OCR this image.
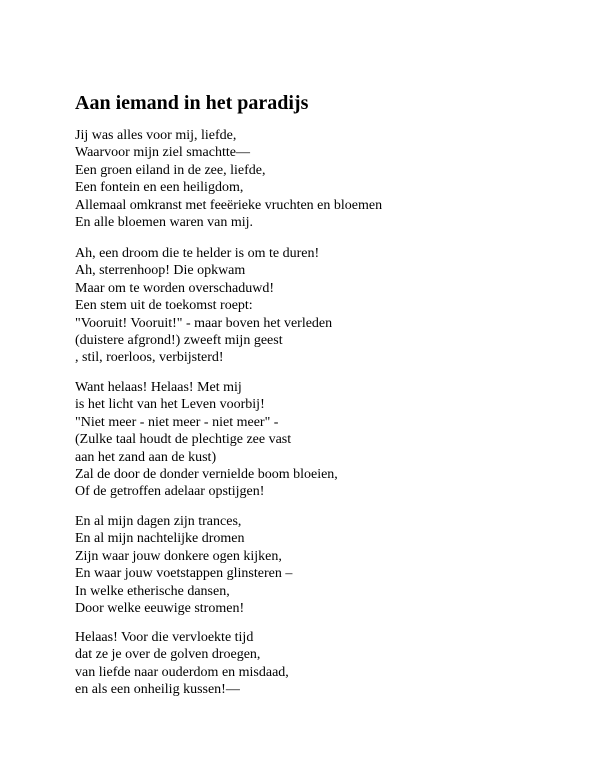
Aan iemand in het paradijs

Jij was alles voor mij, liefde,

Waarvoor mijn ziel smachtte—

Een groen eiland in de zee, liefde,

Een fontein en een heiligdom,

Allemaal omkranst met feeërieke vruchten en bloemen

En alle bloemen waren van mij.

Ah, een droom die te helder is om te duren!

Ah, sterrenhoop! Die opkwam

Maar om te worden overschaduwd!

Een stem uit de toekomst roept:

"Vooruit! Vooruit!" - maar boven het verleden

(duistere afgrond!) zweeft mijn geest

, stil, roerloos, verbijsterd!

Want helaas! Helaas! Met mij

is het licht van het Leven voorbij!

"Niet meer - niet meer - niet meer" -

(Zulke taal houdt de plechtige zee vast

aan het zand aan de kust)

Zal de door de donder vernielde boom bloeien,

Of de getroffen adelaar opstijgen!

En al mijn dagen zijn trances,

En al mijn nachtelijke dromen

Zijn waar jouw donkere ogen kijken,

En waar jouw voetstappen glinsteren –

In welke etherische dansen,

Door welke eeuwige stromen!

Helaas! Voor die vervloekte tijd

dat ze je over de golven droegen,

van liefde naar ouderdom en misdaad,

en als een onheilig kussen!—
